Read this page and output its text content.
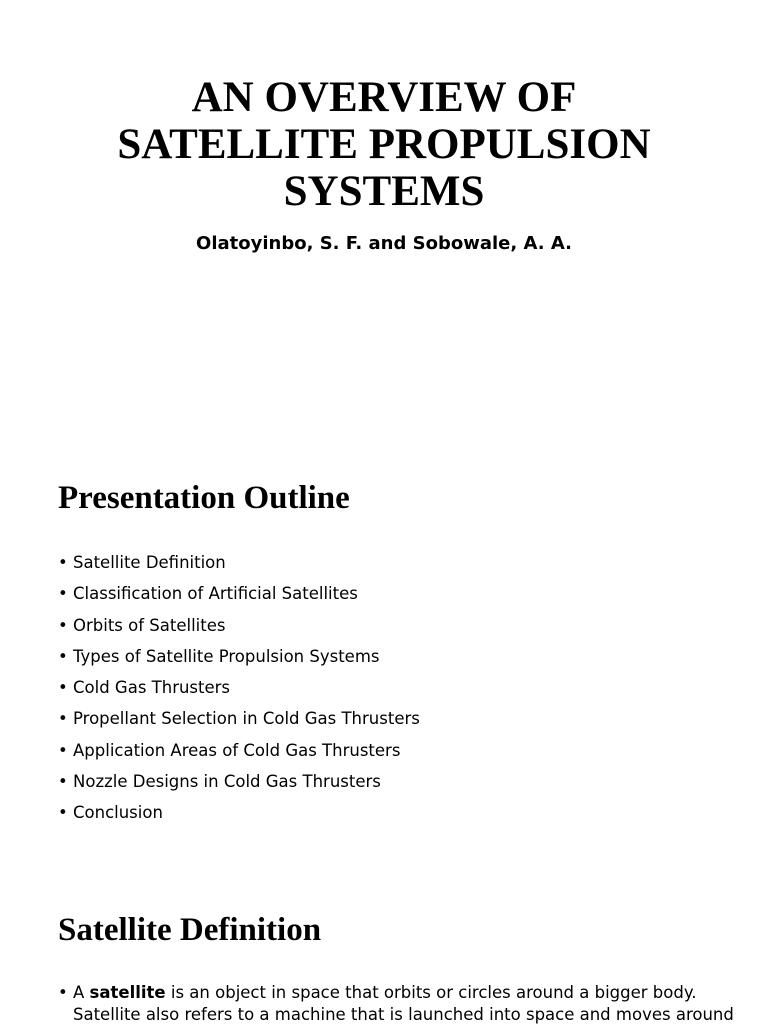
AN OVERVIEW OF
SATELLITE PROPULSION
SYSTEMS

Olatoyinbo, S. F. and Sobowale, A. A.

Presentation Outline
• Satellite Definition
• Classification of Artificial Satellites
• Orbits of Satellites
• Types of Satellite Propulsion Systems
• Cold Gas Thrusters
• Propellant Selection in Cold Gas Thrusters
• Application Areas of Cold Gas Thrusters
• Nozzle Designs in Cold Gas Thrusters
• Conclusion
Satellite Definition
• A satellite is an object in space that orbits or circles around a bigger body.
Satellite also refers to a machine that is launched into space and moves around
